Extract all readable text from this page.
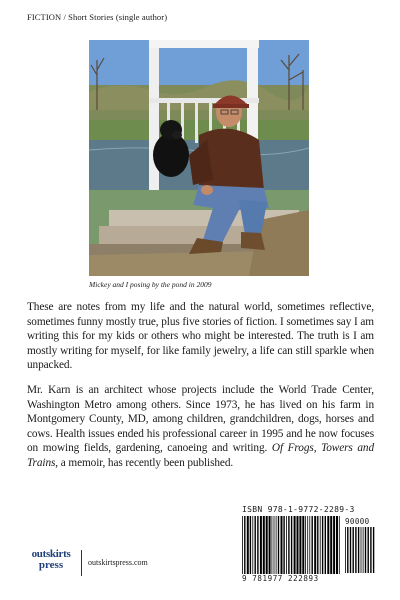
FICTION / Short Stories (single author)
Mickey and I posing by the pond in 2009

These are notes from my life and the natural world, sometimes reflective, sometimes funny mostly true, plus five stories of fiction. I sometimes say I am writing this for my kids or others who might be interested. The truth is I am mostly writing for myself, for like family jewelry, a life can still sparkle when unpacked.

Mr. Karn is an architect whose projects include the World Trade Center, Washington Metro among others. Since 1973, he has lived on his farm in Montgomery County, MD, among children, grandchildren, dogs, horses and cows. Health issues ended his professional career in 1995 and he now focuses on mowing fields, gardening, canoeing and writing. Of Frogs, Towers and Trains, a memoir, has recently been published.

outskirts
press	outskirtspress.com
ISBN 978-1-9772-2289-3
90000
9 781977 222893
